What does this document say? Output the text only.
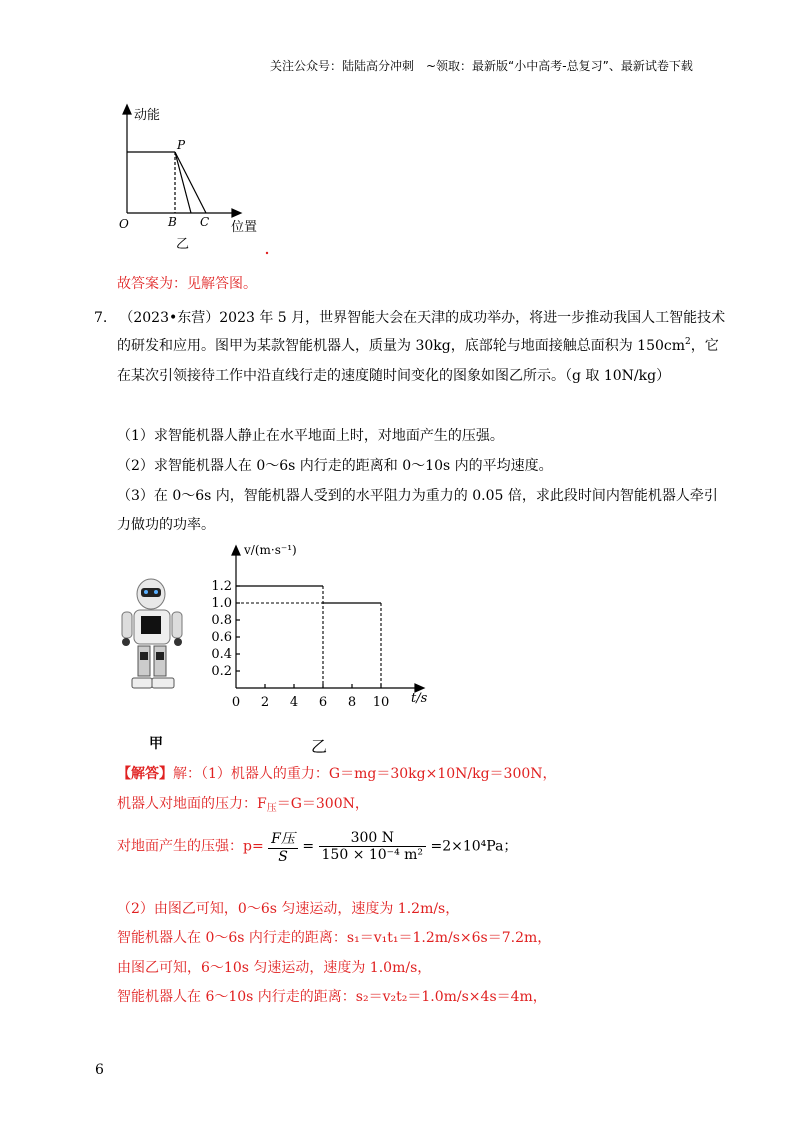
关注公众号：陆陆高分冲刺　~领取：最新版“小中高考-总复习”、最新试卷下载
动能
P
O	B C 位置
乙
故答案为：见解答图。
7. （2023•东营）2023 年 5 月，世界智能大会在天津的成功举办，将进一步推动我国人工智能技术
的研发和应用。图甲为某款智能机器人，质量为 30kg，底部轮与地面接触总面积为 $150cm^2$，它
在某次引领接待工作中沿直线行走的速度随时间变化的图象如图乙所示。（g 取 10N/kg）
（1）求智能机器人静止在水平地面上时，对地面产生的压强。
（2）求智能机器人在 0～6s 内行走的距离和 0～10s 内的平均速度。
（3）在 0～6s 内，智能机器人受到的水平阻力为重力的 0.05 倍，求此段时间内智能机器人牵引
力做功的功率。
甲
0 2 4 6 8 10
0.2
0.4
0.6
0.8
1.0
1.2
v/(m·s⁻¹)
t/s
乙
【解答】解：（1）机器人的重力：G＝mg＝30kg×10N/kg＝300N，
机器人对地面的压力：$F_压=G=300N$，
对地面产生的压强：$p= \frac{\text{F压}}{S} = \frac{300 N}{\text{150 × 10⁻⁴ m²}} =2\times 10^4Pa$；
（2）由图乙可知，0～6s 匀速运动，速度为 1.2m/s，
智能机器人在 0～6s 内行走的距离：s₁＝v₁t₁＝1.2m/s×6s＝7.2m，
由图乙可知，6～10s 匀速运动，速度为 1.0m/s，
智能机器人在 6～10s 内行走的距离：s₂＝v₂t₂＝1.0m/s×4s＝4m，
6
